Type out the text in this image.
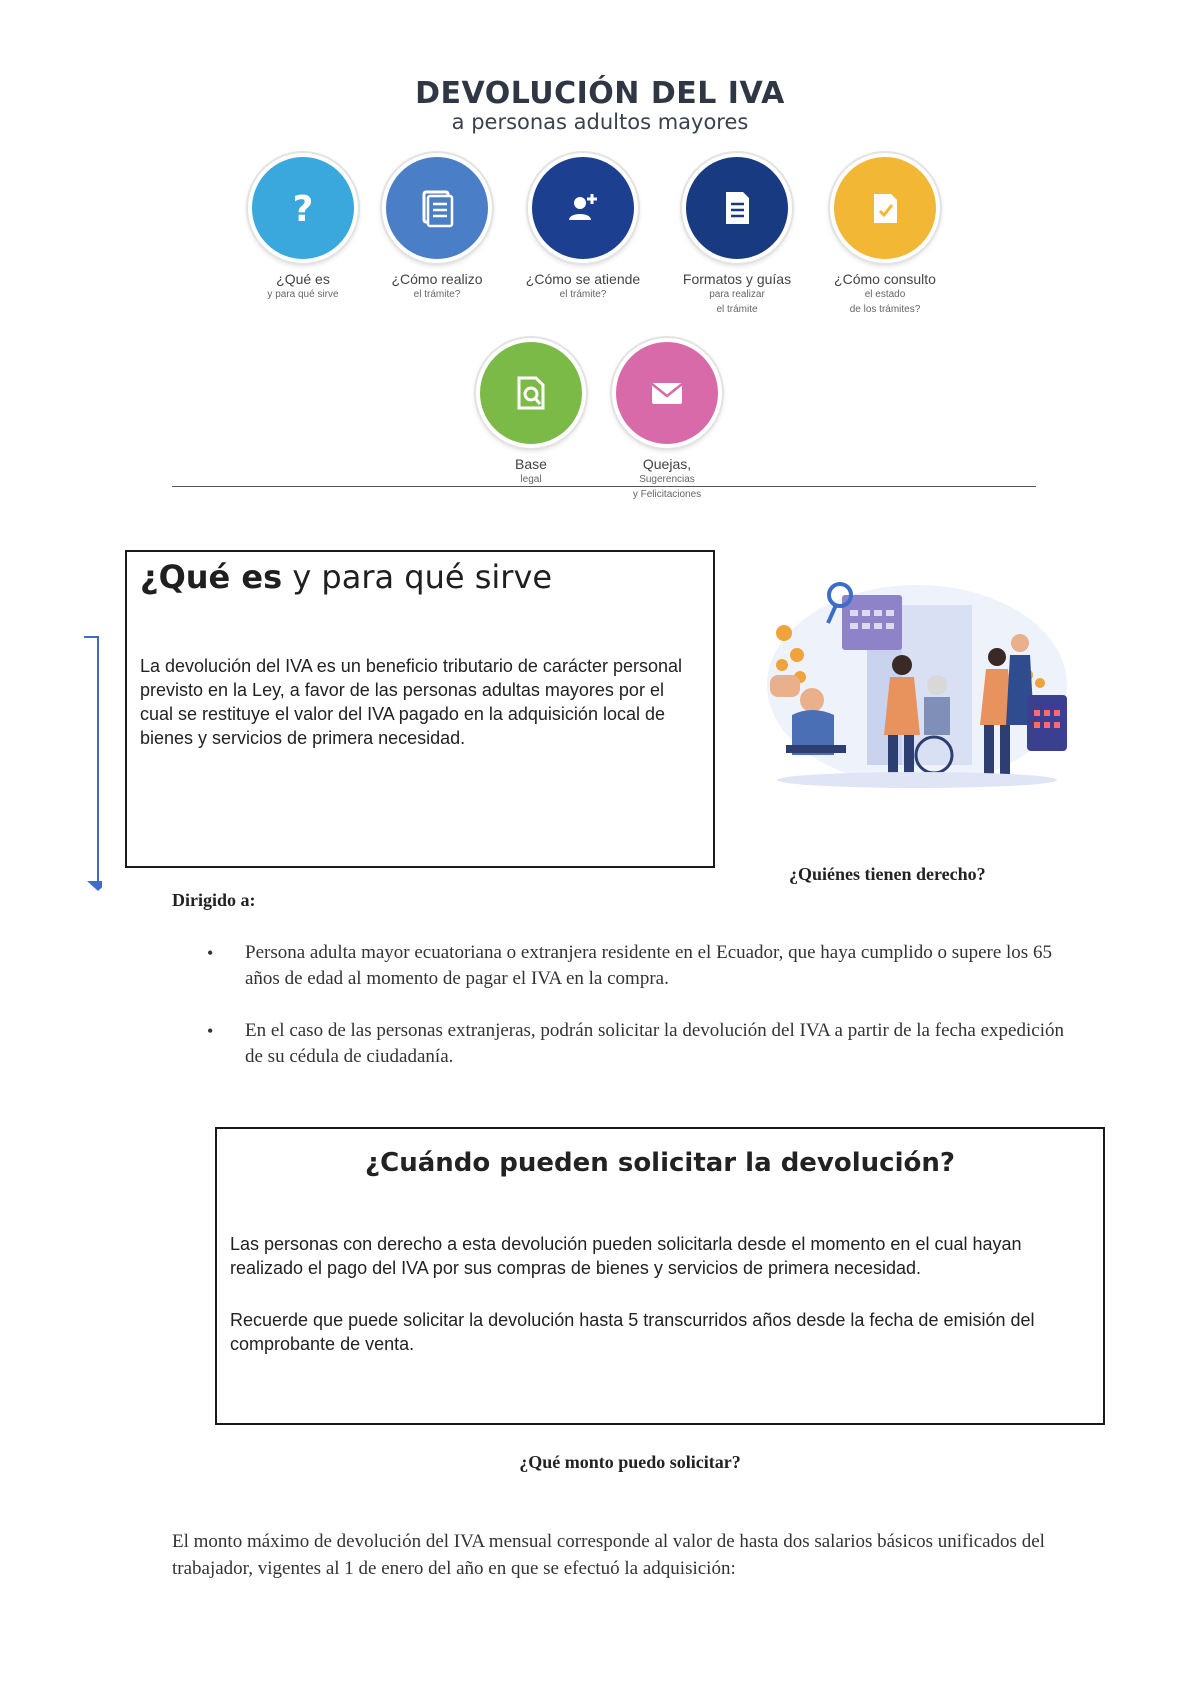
DEVOLUCIÓN DEL IVA
a personas adultos mayores
?
¿Qué es
y para qué sirve
¿Cómo realizo
el trámite?
¿Cómo se atiende
el trámite?
Formatos y guías
para realizar
el trámite
¿Cómo consulto
el estado
de los trámites?
Base
legal
Quejas,
Sugerencias
y Felicitaciones
¿Qué es y para qué sirve
La devolución del IVA es un beneficio tributario de carácter personal previsto en la Ley, a favor de las personas adultas mayores por el cual se restituye el valor del IVA pagado en la adquisición local de bienes y servicios de primera necesidad.
¿Quiénes tienen derecho?
Dirigido a:
• Persona adulta mayor ecuatoriana o extranjera residente en el Ecuador, que haya cumplido o supere los 65 años de edad al momento de pagar el IVA en la compra.
• En el caso de las personas extranjeras, podrán solicitar la devolución del IVA a partir de la fecha expedición de su cédula de ciudadanía.
¿Cuándo pueden solicitar la devolución?

Las personas con derecho a esta devolución pueden solicitarla desde el momento en el cual hayan realizado el pago del IVA por sus compras de bienes y servicios de primera necesidad.

Recuerde que puede solicitar la devolución hasta 5 transcurridos años desde la fecha de emisión del comprobante de venta.

¿Qué monto puedo solicitar?
El monto máximo de devolución del IVA mensual corresponde al valor de hasta dos salarios básicos unificados del trabajador, vigentes al 1 de enero del año en que se efectuó la adquisición:
